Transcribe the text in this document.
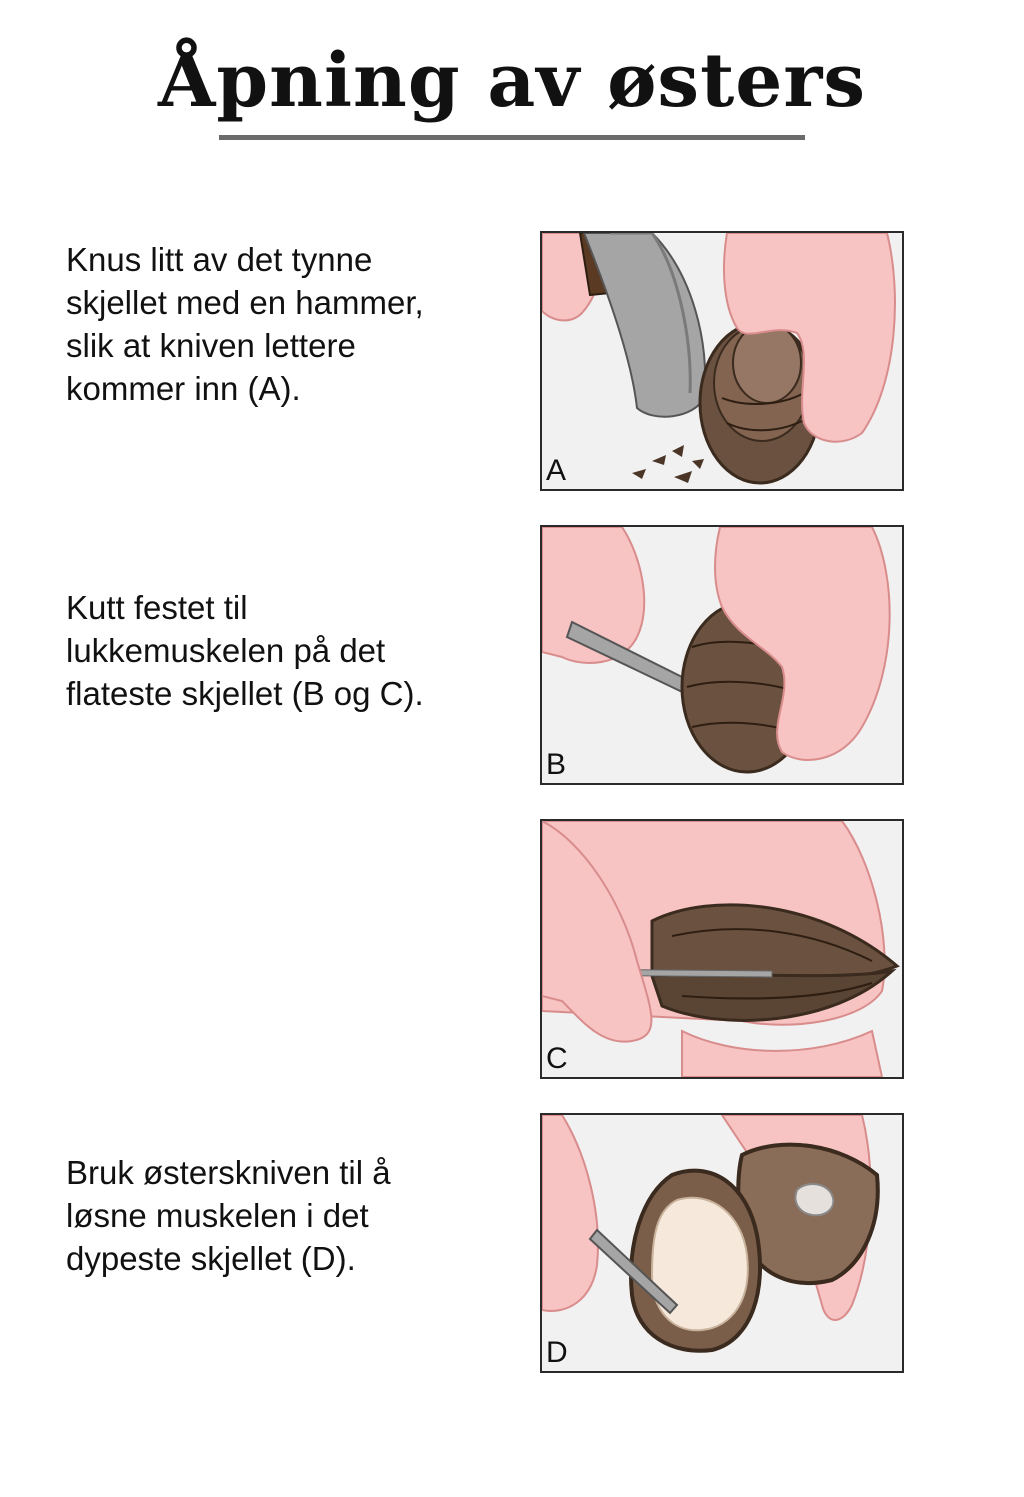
Åpning av østers

Knus litt av det tynne
skjellet med en hammer,
slik at kniven lettere
kommer inn (A).

A

Kutt festet til
lukkemuskelen på det
flateste skjellet (B og C).

B
C

Bruk østerskniven til å
løsne muskelen i det
dypeste skjellet (D).

D
